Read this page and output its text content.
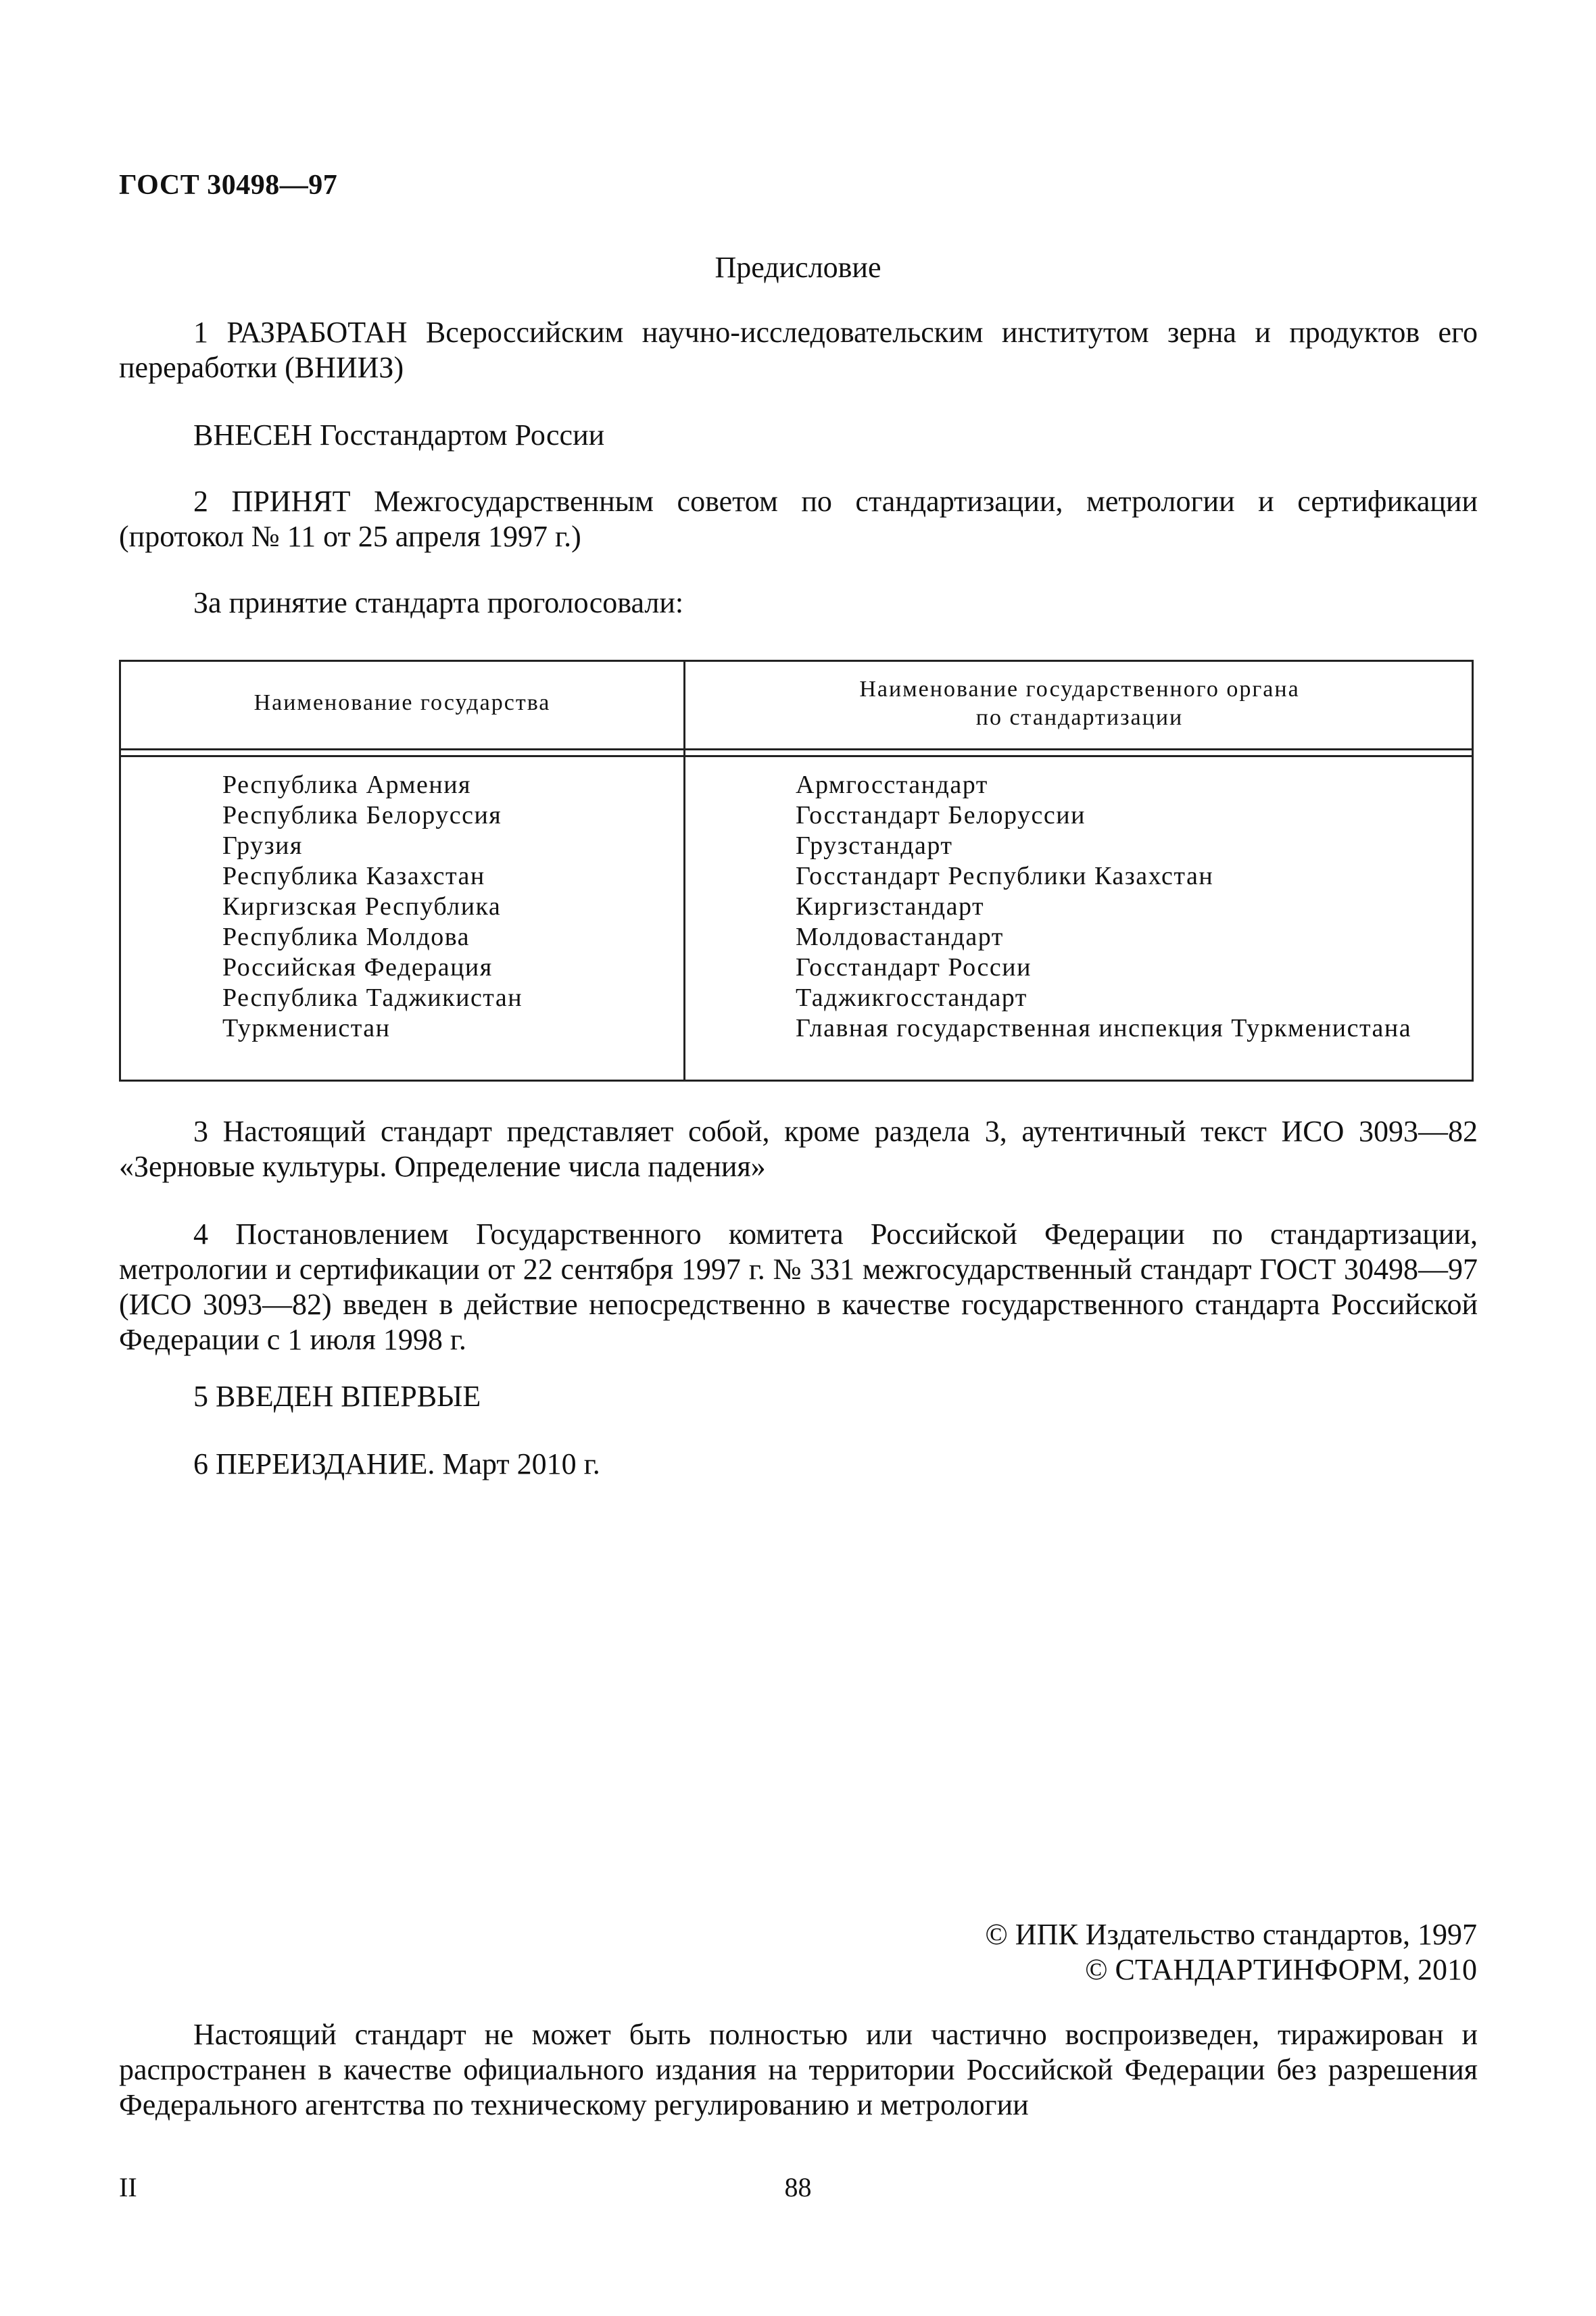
ГОСТ 30498—97
Предисловие
1 РАЗРАБОТАН Всероссийским научно-исследовательским институтом зерна и продуктов его переработки (ВНИИЗ)
ВНЕСЕН Госстандартом России
2 ПРИНЯТ Межгосударственным советом по стандартизации, метрологии и сертификации (протокол № 11 от 25 апреля 1997 г.)
За принятие стандарта проголосовали:
Наименование государства
Наименование государственного органа
по стандартизации
Республика Армения
Республика Белоруссия
Грузия
Республика Казахстан
Киргизская Республика
Республика Молдова
Российская Федерация
Республика Таджикистан
Туркменистан
Армгосстандарт
Госстандарт Белоруссии
Грузстандарт
Госстандарт Республики Казахстан
Киргизстандарт
Молдовастандарт
Госстандарт России
Таджикгосстандарт
Главная государственная инспекция Туркменистана
3 Настоящий стандарт представляет собой, кроме раздела 3, аутентичный текст ИСО 3093—82 «Зерновые культуры. Определение числа падения»
4 Постановлением Государственного комитета Российской Федерации по стандартизации, метрологии и сертификации от 22 сентября 1997 г. № 331 межгосударственный стандарт ГОСТ 30498—97 (ИСО 3093—82) введен в действие непосредственно в качестве государственного стандарта Российской Федерации с 1 июля 1998 г.
5 ВВЕДЕН ВПЕРВЫЕ
6 ПЕРЕИЗДАНИЕ. Март 2010 г.
© ИПК Издательство стандартов, 1997
© СТАНДАРТИНФОРМ, 2010
Настоящий стандарт не может быть полностью или частично воспроизведен, тиражирован и распространен в качестве официального издания на территории Российской Федерации без разрешения Федерального агентства по техническому регулированию и метрологии
II	88
